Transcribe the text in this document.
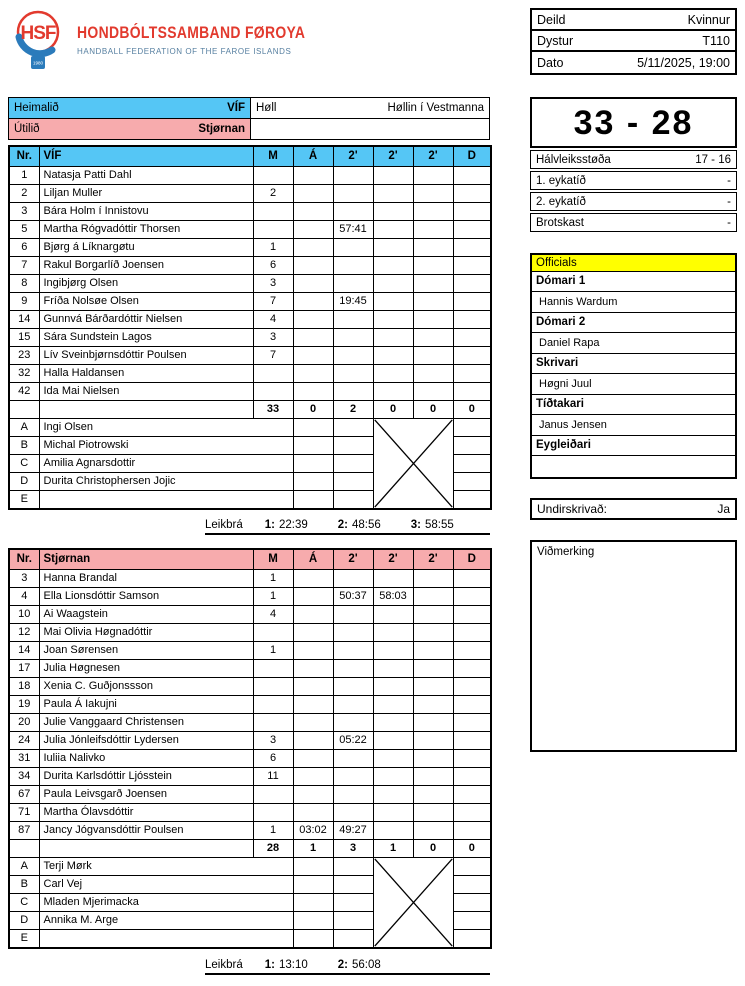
HSF
1980
HONDBÓLTSSAMBAND FØROYA
HANDBALL FEDERATION OF THE FAROE ISLANDS
Deild	Kvinnur
Dystur	T110
Dato	5/11/2025, 19:00
Heimalið VÍF	Høll Høllin í Vestmanna

Útilið Stjørnan	
		33 - 28
Hálvleiksstøða	17 - 16
1. eykatíð	-
2. eykatíð	-
Brotskast	-
Officials
Dómari 1
Hannis Wardum
Dómari 2
Daniel Rapa
Skrivari
Høgni Juul
Tíðtakari
Janus Jensen
Eygleiðari
Nr.	VÍF	M	Á	2'	2'	2'	D
1	Natasja Patti Dahl						
2	Liljan Muller	2					
3	Bára Holm í Innistovu						
5	Martha Rógvadóttir Thorsen			57:41			
6	Bjørg á Líknargøtu	1					
7	Rakul Borgarlíð Joensen	6					
8	Ingibjørg Olsen	3					
9	Fríða Nolsøe Olsen	7		19:45			
14	Gunnvá Bárðardóttir Nielsen	4					
15	Sára Sundstein Lagos	3					
23	Lív Sveinbjørnsdóttir Poulsen	7					
32	Halla Haldansen						
42	Ida Mai Nielsen						
		33	0	2	0	0	0
A	Ingi Olsen			

B	Michal Piotrowski						
C	Amilia Agnarsdottir						
D	Durita Christophersen Jojic						
E							
Leikbrá 1: 22:39	2: 48:56	3: 58:55
Nr.	Stjørnan	M	Á	2'	2'	2'	D
3	Hanna Brandal	1					
4	Ella Lionsdóttir Samson	1		50:37	58:03		
10	Ai Waagstein	4					
12	Mai Olivia Høgnadóttir						
14	Joan Sørensen	1					
17	Julia Høgnesen						
18	Xenia C. Guðjonssson						
19	Paula Á Iakujni						
20	Julie Vanggaard Christensen						
24	Julia Jónleifsdóttir Lydersen	3		05:22			
31	Iuliia Nalivko	6					
34	Durita Karlsdóttir Ljósstein	11					
67	Paula Leivsgarð Joensen						
71	Martha Ólavsdóttir						
87	Jancy Jógvansdóttir Poulsen	1	03:02	49:27			
		28	1	3	1	0	0
A	Terji Mørk			

B	Carl Vej						
C	Mladen Mjerimacka						
D	Annika M. Arge						
E							
Leikbrá 1: 13:10	2: 56:08
Undirskrivað:	Ja
Viðmerking
